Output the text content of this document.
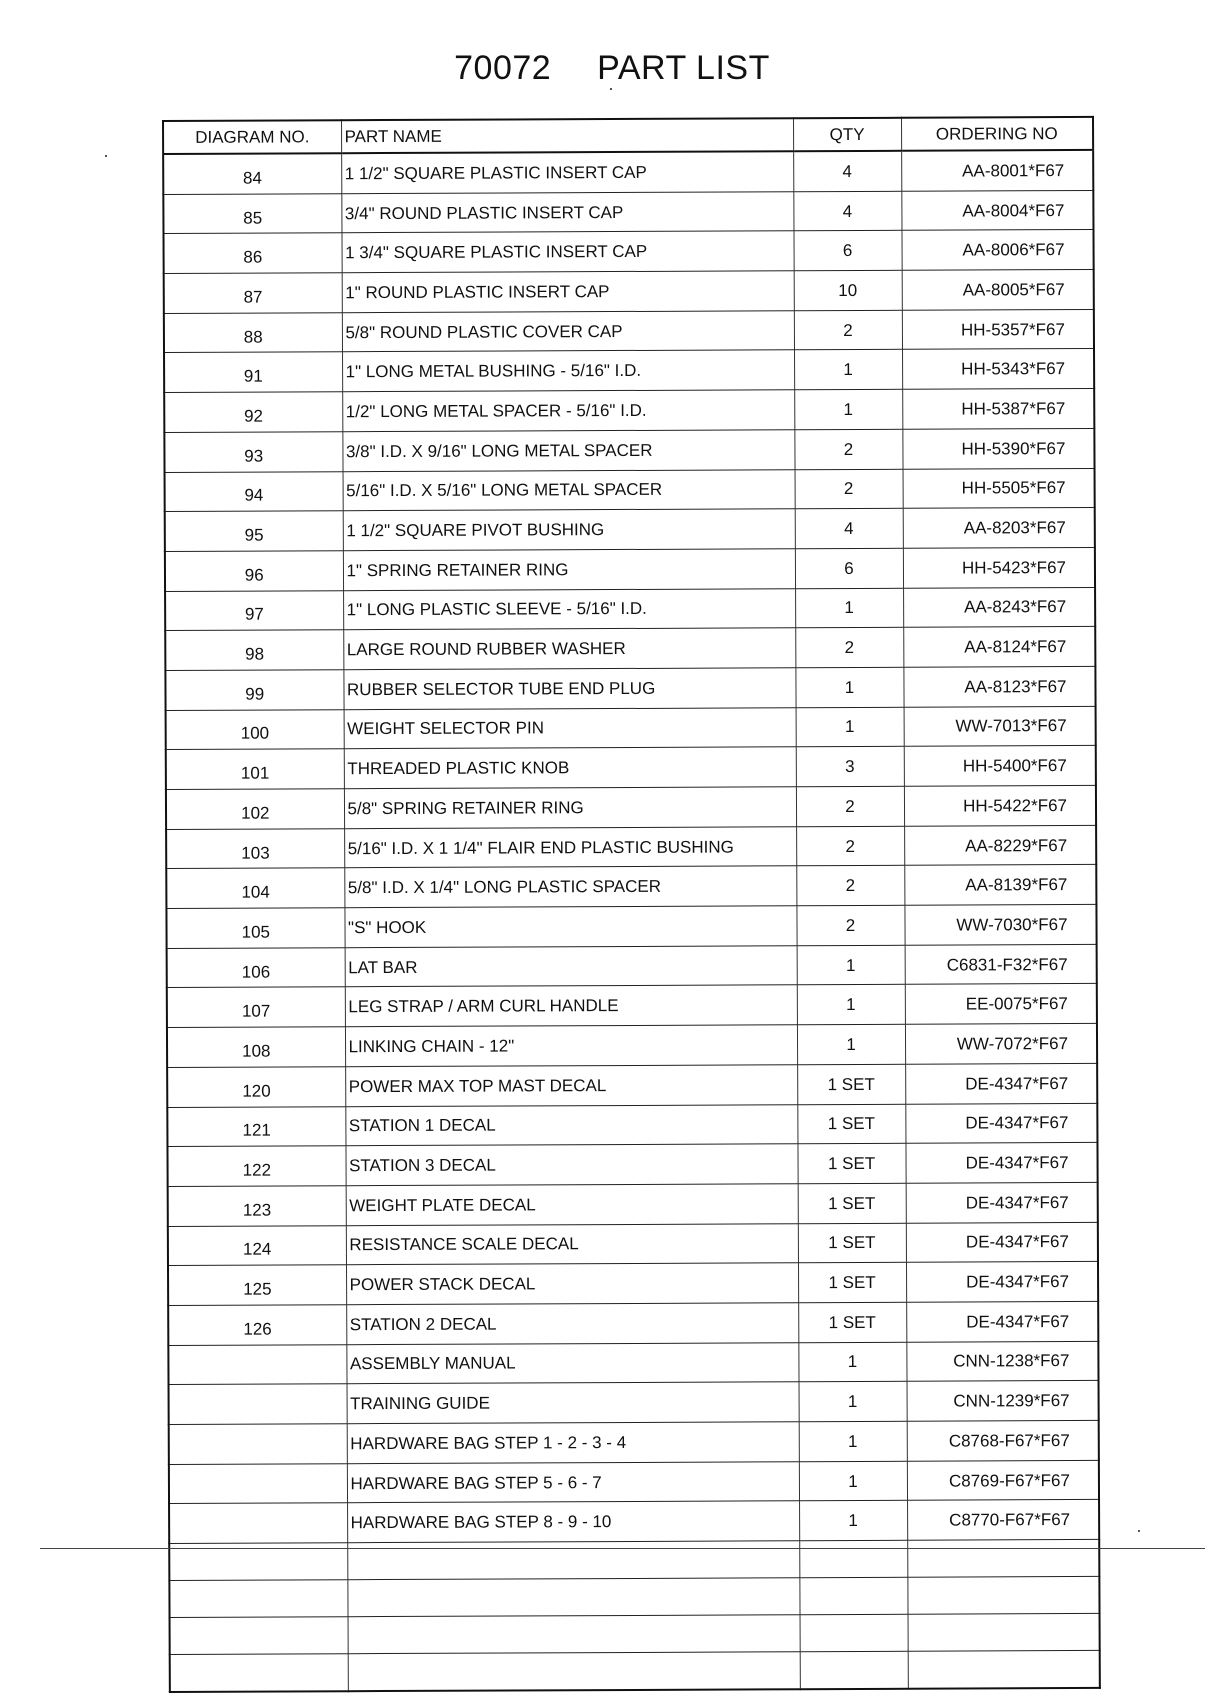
70072 PART LIST
DIAGRAM NO.	PART NAME	QTY	ORDERING NO
84	1 1/2" SQUARE PLASTIC INSERT CAP	4	AA-8001*F67
85	3/4" ROUND PLASTIC INSERT CAP	4	AA-8004*F67
86	1 3/4" SQUARE PLASTIC INSERT CAP	6	AA-8006*F67
87	1" ROUND PLASTIC INSERT CAP	10	AA-8005*F67
88	5/8" ROUND PLASTIC COVER CAP	2	HH-5357*F67
91	1" LONG METAL BUSHING - 5/16" I.D.	1	HH-5343*F67
92	1/2" LONG METAL SPACER - 5/16" I.D.	1	HH-5387*F67
93	3/8" I.D. X 9/16" LONG METAL SPACER	2	HH-5390*F67
94	5/16" I.D. X 5/16" LONG METAL SPACER	2	HH-5505*F67
95	1 1/2" SQUARE PIVOT BUSHING	4	AA-8203*F67
96	1" SPRING RETAINER RING	6	HH-5423*F67
97	1" LONG PLASTIC SLEEVE - 5/16" I.D.	1	AA-8243*F67
98	LARGE ROUND RUBBER WASHER	2	AA-8124*F67
99	RUBBER SELECTOR TUBE END PLUG	1	AA-8123*F67
100	WEIGHT SELECTOR PIN	1	WW-7013*F67
101	THREADED PLASTIC KNOB	3	HH-5400*F67
102	5/8" SPRING RETAINER RING	2	HH-5422*F67
103	5/16" I.D. X 1 1/4" FLAIR END PLASTIC BUSHING	2	AA-8229*F67
104	5/8" I.D. X 1/4" LONG PLASTIC SPACER	2	AA-8139*F67
105	"S" HOOK	2	WW-7030*F67
106	LAT BAR	1	C6831-F32*F67
107	LEG STRAP / ARM CURL HANDLE	1	EE-0075*F67
108	LINKING CHAIN - 12"	1	WW-7072*F67
120	POWER MAX TOP MAST DECAL	1 SET	DE-4347*F67
121	STATION 1 DECAL	1 SET	DE-4347*F67
122	STATION 3 DECAL	1 SET	DE-4347*F67
123	WEIGHT PLATE DECAL	1 SET	DE-4347*F67
124	RESISTANCE SCALE DECAL	1 SET	DE-4347*F67
125	POWER STACK DECAL	1 SET	DE-4347*F67
126	STATION 2 DECAL	1 SET	DE-4347*F67
	ASSEMBLY MANUAL	1	CNN-1238*F67
	TRAINING GUIDE	1	CNN-1239*F67
	HARDWARE BAG STEP 1 - 2 - 3 - 4	1	C8768-F67*F67
	HARDWARE BAG STEP 5 - 6 - 7	1	C8769-F67*F67
	HARDWARE BAG STEP 8 - 9 - 10	1	C8770-F67*F67
